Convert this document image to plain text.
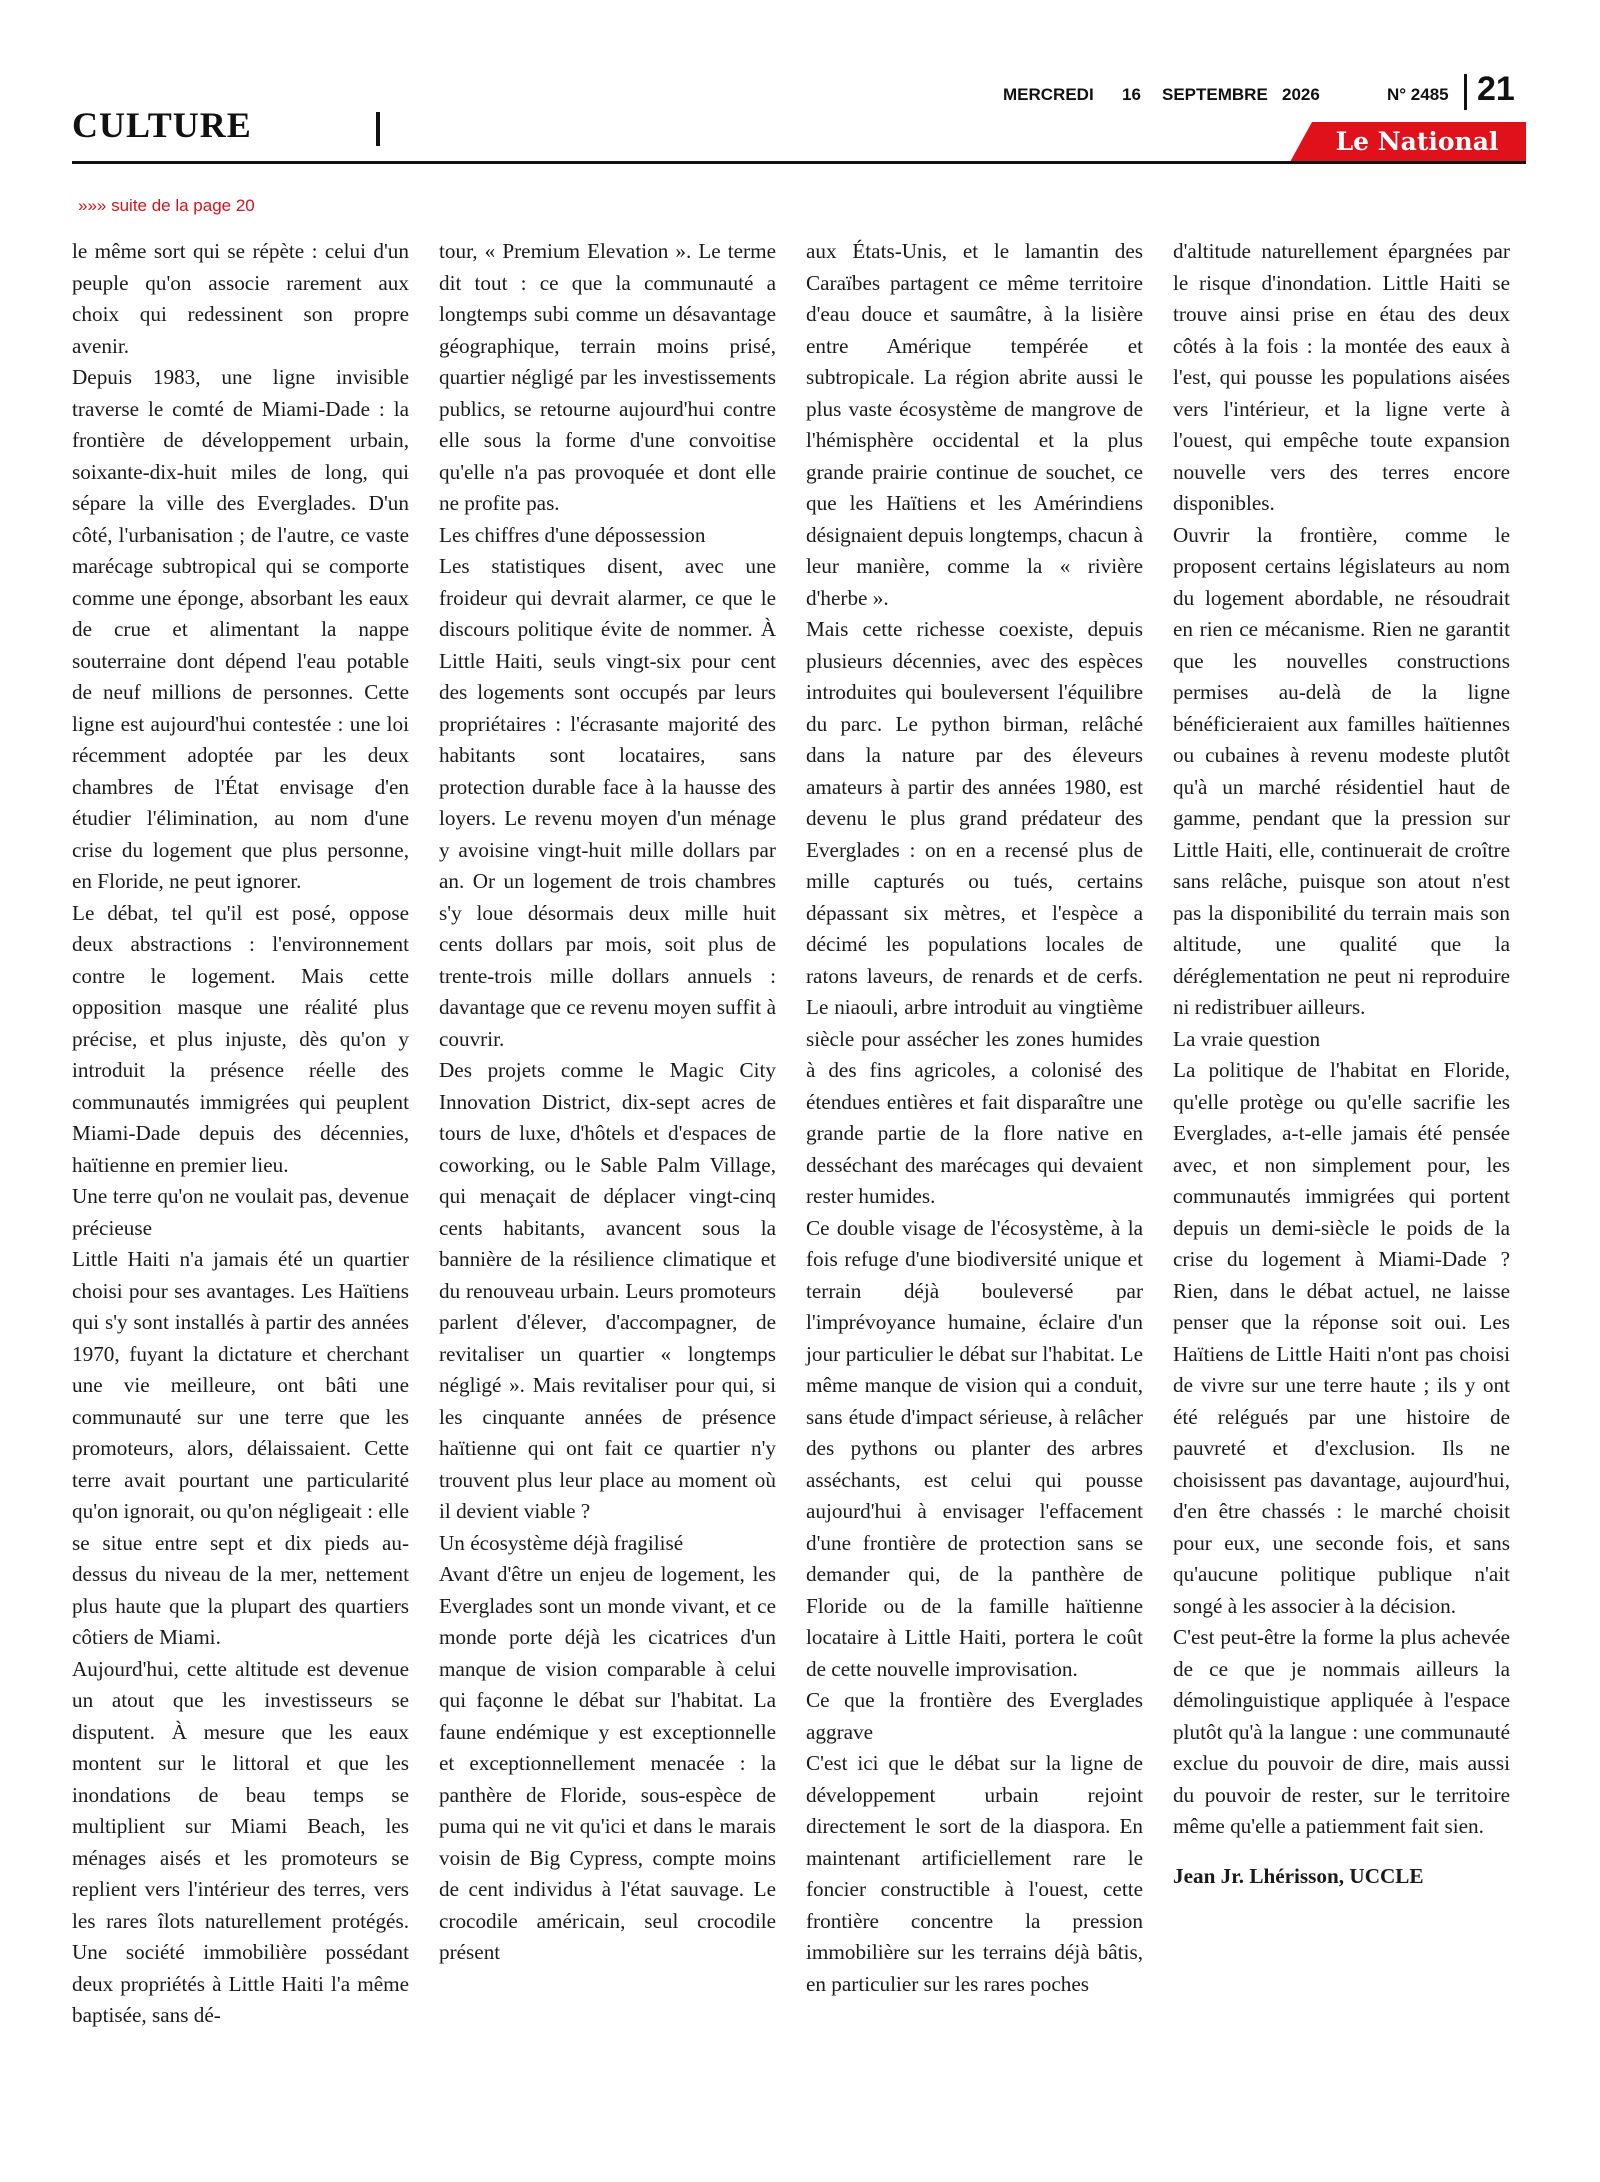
CULTURE
MERCREDI 16 SEPTEMBRE 2026	N° 2485 21
Le National
»»» suite de la page 20

le même sort qui se répète : celui d'un peuple qu'on associe rarement aux choix qui redessinent son propre avenir.

Depuis 1983, une ligne invisible traverse le comté de Miami-Dade : la frontière de développement urbain, soixante-dix-huit miles de long, qui sépare la ville des Everglades. D'un côté, l'urbanisation ; de l'autre, ce vaste marécage subtropical qui se comporte comme une éponge, absorbant les eaux de crue et alimentant la nappe souterraine dont dépend l'eau potable de neuf millions de personnes. Cette ligne est aujourd'hui contestée : une loi récemment adoptée par les deux chambres de l'État envisage d'en étudier l'élimination, au nom d'une crise du logement que plus personne, en Floride, ne peut ignorer.

Le débat, tel qu'il est posé, oppose deux abstractions : l'environnement contre le logement. Mais cette opposition masque une réalité plus précise, et plus injuste, dès qu'on y introduit la présence réelle des communautés immigrées qui peuplent Miami-Dade depuis des décennies, haïtienne en premier lieu.

Une terre qu'on ne voulait pas, devenue précieuse

Little Haiti n'a jamais été un quartier choisi pour ses avantages. Les Haïtiens qui s'y sont installés à partir des années 1970, fuyant la dictature et cherchant une vie meilleure, ont bâti une communauté sur une terre que les promoteurs, alors, délaissaient. Cette terre avait pourtant une particularité qu'on ignorait, ou qu'on négligeait : elle se situe entre sept et dix pieds au-dessus du niveau de la mer, nettement plus haute que la plupart des quartiers côtiers de Miami.

Aujourd'hui, cette altitude est devenue un atout que les investisseurs se disputent. À mesure que les eaux montent sur le littoral et que les inondations de beau temps se multiplient sur Miami Beach, les ménages aisés et les promoteurs se replient vers l'intérieur des terres, vers les rares îlots naturellement protégés. Une société immobilière possédant deux propriétés à Little Haiti l'a même baptisée, sans dé-

tour, « Premium Elevation ». Le terme dit tout : ce que la communauté a longtemps subi comme un désavantage géographique, terrain moins prisé, quartier négligé par les investissements publics, se retourne aujourd'hui contre elle sous la forme d'une convoitise qu'elle n'a pas provoquée et dont elle ne profite pas.

Les chiffres d'une dépossession

Les statistiques disent, avec une froideur qui devrait alarmer, ce que le discours politique évite de nommer. À Little Haiti, seuls vingt-six pour cent des logements sont occupés par leurs propriétaires : l'écrasante majorité des habitants sont locataires, sans protection durable face à la hausse des loyers. Le revenu moyen d'un ménage y avoisine vingt-huit mille dollars par an. Or un logement de trois chambres s'y loue désormais deux mille huit cents dollars par mois, soit plus de trente-trois mille dollars annuels : davantage que ce revenu moyen suffit à couvrir.

Des projets comme le Magic City Innovation District, dix-sept acres de tours de luxe, d'hôtels et d'espaces de coworking, ou le Sable Palm Village, qui menaçait de déplacer vingt-cinq cents habitants, avancent sous la bannière de la résilience climatique et du renouveau urbain. Leurs promoteurs parlent d'élever, d'accompagner, de revitaliser un quartier « longtemps négligé ». Mais revitaliser pour qui, si les cinquante années de présence haïtienne qui ont fait ce quartier n'y trouvent plus leur place au moment où il devient viable ?

Un écosystème déjà fragilisé

Avant d'être un enjeu de logement, les Everglades sont un monde vivant, et ce monde porte déjà les cicatrices d'un manque de vision comparable à celui qui façonne le débat sur l'habitat. La faune endémique y est exceptionnelle et exceptionnellement menacée : la panthère de Floride, sous-espèce de puma qui ne vit qu'ici et dans le marais voisin de Big Cypress, compte moins de cent individus à l'état sauvage. Le crocodile américain, seul crocodile présent

aux États-Unis, et le lamantin des Caraïbes partagent ce même territoire d'eau douce et saumâtre, à la lisière entre Amérique tempérée et subtropicale. La région abrite aussi le plus vaste écosystème de mangrove de l'hémisphère occidental et la plus grande prairie continue de souchet, ce que les Haïtiens et les Amérindiens désignaient depuis longtemps, chacun à leur manière, comme la « rivière d'herbe ».

Mais cette richesse coexiste, depuis plusieurs décennies, avec des espèces introduites qui bouleversent l'équilibre du parc. Le python birman, relâché dans la nature par des éleveurs amateurs à partir des années 1980, est devenu le plus grand prédateur des Everglades : on en a recensé plus de mille capturés ou tués, certains dépassant six mètres, et l'espèce a décimé les populations locales de ratons laveurs, de renards et de cerfs. Le niaouli, arbre introduit au vingtième siècle pour assécher les zones humides à des fins agricoles, a colonisé des étendues entières et fait disparaître une grande partie de la flore native en desséchant des marécages qui devaient rester humides.

Ce double visage de l'écosystème, à la fois refuge d'une biodiversité unique et terrain déjà bouleversé par l'imprévoyance humaine, éclaire d'un jour particulier le débat sur l'habitat. Le même manque de vision qui a conduit, sans étude d'impact sérieuse, à relâcher des pythons ou planter des arbres asséchants, est celui qui pousse aujourd'hui à envisager l'effacement d'une frontière de protection sans se demander qui, de la panthère de Floride ou de la famille haïtienne locataire à Little Haiti, portera le coût de cette nouvelle improvisation.

Ce que la frontière des Everglades aggrave

C'est ici que le débat sur la ligne de développement urbain rejoint directement le sort de la diaspora. En maintenant artificiellement rare le foncier constructible à l'ouest, cette frontière concentre la pression immobilière sur les terrains déjà bâtis, en particulier sur les rares poches

d'altitude naturellement épargnées par le risque d'inondation. Little Haiti se trouve ainsi prise en étau des deux côtés à la fois : la montée des eaux à l'est, qui pousse les populations aisées vers l'intérieur, et la ligne verte à l'ouest, qui empêche toute expansion nouvelle vers des terres encore disponibles.

Ouvrir la frontière, comme le proposent certains législateurs au nom du logement abordable, ne résoudrait en rien ce mécanisme. Rien ne garantit que les nouvelles constructions permises au-delà de la ligne bénéficieraient aux familles haïtiennes ou cubaines à revenu modeste plutôt qu'à un marché résidentiel haut de gamme, pendant que la pression sur Little Haiti, elle, continuerait de croître sans relâche, puisque son atout n'est pas la disponibilité du terrain mais son altitude, une qualité que la déréglementation ne peut ni reproduire ni redistribuer ailleurs.

La vraie question

La politique de l'habitat en Floride, qu'elle protège ou qu'elle sacrifie les Everglades, a-t-elle jamais été pensée avec, et non simplement pour, les communautés immigrées qui portent depuis un demi-siècle le poids de la crise du logement à Miami-Dade ? Rien, dans le débat actuel, ne laisse penser que la réponse soit oui. Les Haïtiens de Little Haiti n'ont pas choisi de vivre sur une terre haute ; ils y ont été relégués par une histoire de pauvreté et d'exclusion. Ils ne choisissent pas davantage, aujourd'hui, d'en être chassés : le marché choisit pour eux, une seconde fois, et sans qu'aucune politique publique n'ait songé à les associer à la décision.

C'est peut-être la forme la plus achevée de ce que je nommais ailleurs la démolinguistique appliquée à l'espace plutôt qu'à la langue : une communauté exclue du pouvoir de dire, mais aussi du pouvoir de rester, sur le territoire même qu'elle a patiemment fait sien.

Jean Jr. Lhérisson, UCCLE
